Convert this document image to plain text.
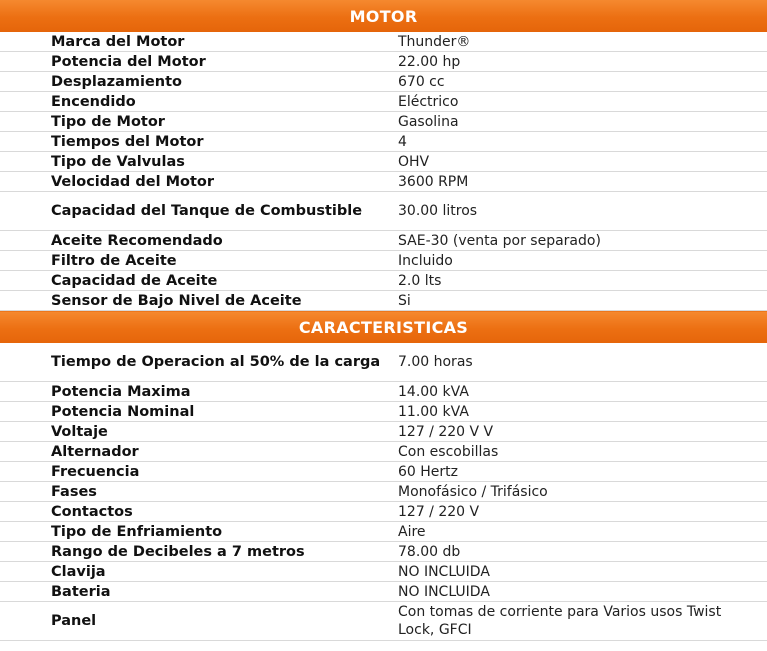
MOTOR	
Marca del Motor	Thunder®
Potencia del Motor	22.00 hp
Desplazamiento	670 cc
Encendido	Eléctrico
Tipo de Motor	Gasolina
Tiempos del Motor	4
Tipo de Valvulas	OHV
Velocidad del Motor	3600 RPM
Capacidad del Tanque de Combustible	30.00 litros
Aceite Recomendado	SAE-30 (venta por separado)
Filtro de Aceite	Incluido
Capacidad de Aceite	2.0 lts
Sensor de Bajo Nivel de Aceite	Si
CARACTERISTICAS	
Tiempo de Operacion al 50% de la carga	7.00 horas
Potencia Maxima	14.00 kVA
Potencia Nominal	11.00 kVA
Voltaje	127 / 220 V V
Alternador	Con escobillas
Frecuencia	60 Hertz
Fases	Monofásico / Trifásico
Contactos	127 / 220 V
Tipo de Enfriamiento	Aire
Rango de Decibeles a 7 metros	78.00 db
Clavija	NO INCLUIDA
Bateria	NO INCLUIDA
Panel	Con tomas de corriente para Varios usos Twist Lock, GFCI
